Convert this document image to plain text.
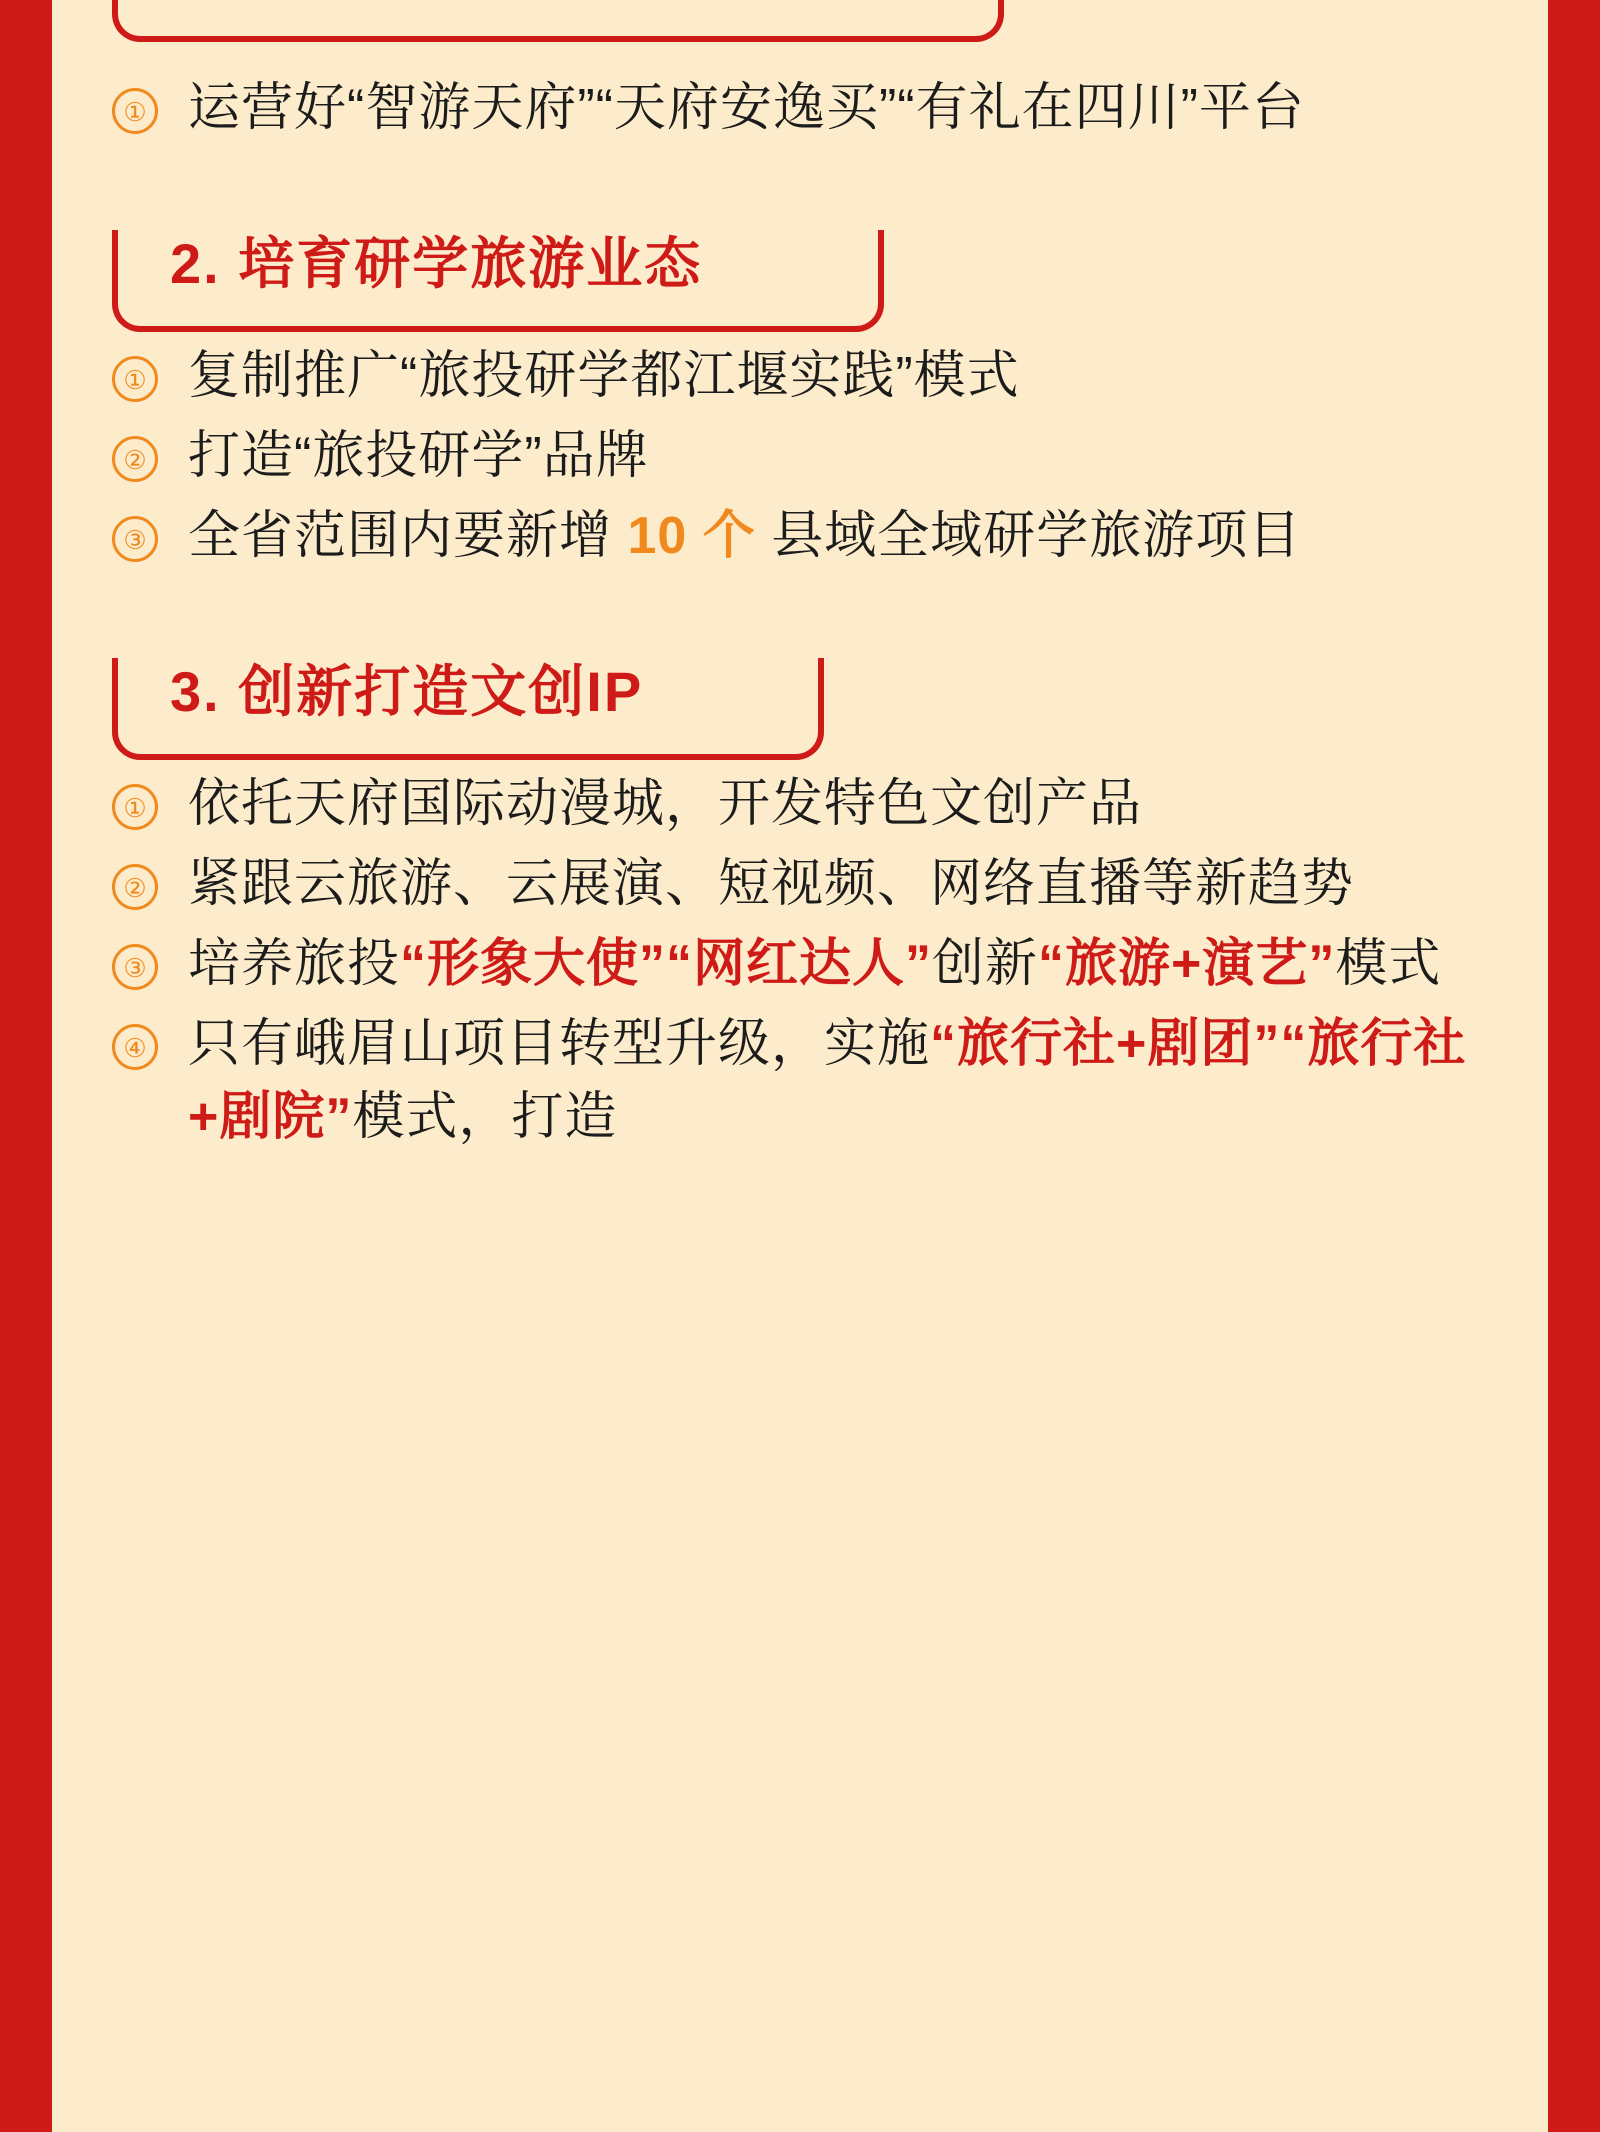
① 运营好“智游天府”“天府安逸买”“有礼在四川”平台
2. 培育研学旅游业态
① 复制推广“旅投研学都江堰实践”模式
② 打造“旅投研学”品牌
③ 全省范围内要新增 10 个 县域全域研学旅游项目
3. 创新打造文创IP
① 依托天府国际动漫城，开发特色文创产品
② 紧跟云旅游、云展演、短视频、网络直播等新趋势
③ 培养旅投“形象大使”“网红达人”创新“旅游+演艺”模式
④ 只有峨眉山项目转型升级，实施“旅行社+剧团”“旅行社+剧院”模式，打造
